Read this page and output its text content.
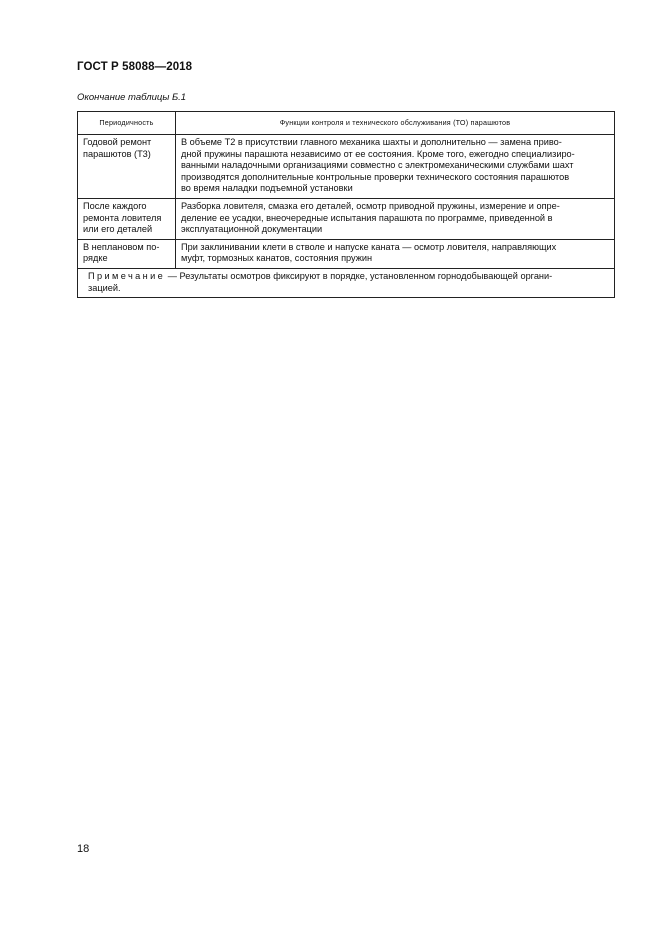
ГОСТ Р 58088—2018
Окончание таблицы Б.1
Периодичность	Функции контроля и технического обслуживания (ТО) парашютов

Годовой ремонт
парашютов (Т3)	В объеме Т2 в присутствии главного механика шахты и дополнительно — замена приво-
дной пружины парашюта независимо от ее состояния. Кроме того, ежегодно специализиро-
ванными наладочными организациями совместно с электромеханическими службами шахт
производятся дополнительные контрольные проверки технического состояния парашютов
во время наладки подъемной установки

После каждого
ремонта ловителя
или его деталей	Разборка ловителя, смазка его деталей, осмотр приводной пружины, измерение и опре-
деление ее усадки, внеочередные испытания парашюта по программе, приведенной в
эксплуатационной документации

В неплановом по-
рядке	При заклинивании клети в стволе и напуске каната — осмотр ловителя, направляющих
муфт, тормозных канатов, состояния пружин

Примечание — Результаты осмотров фиксируют в порядке, установленном горнодобывающей органи-
зацией.	
18
